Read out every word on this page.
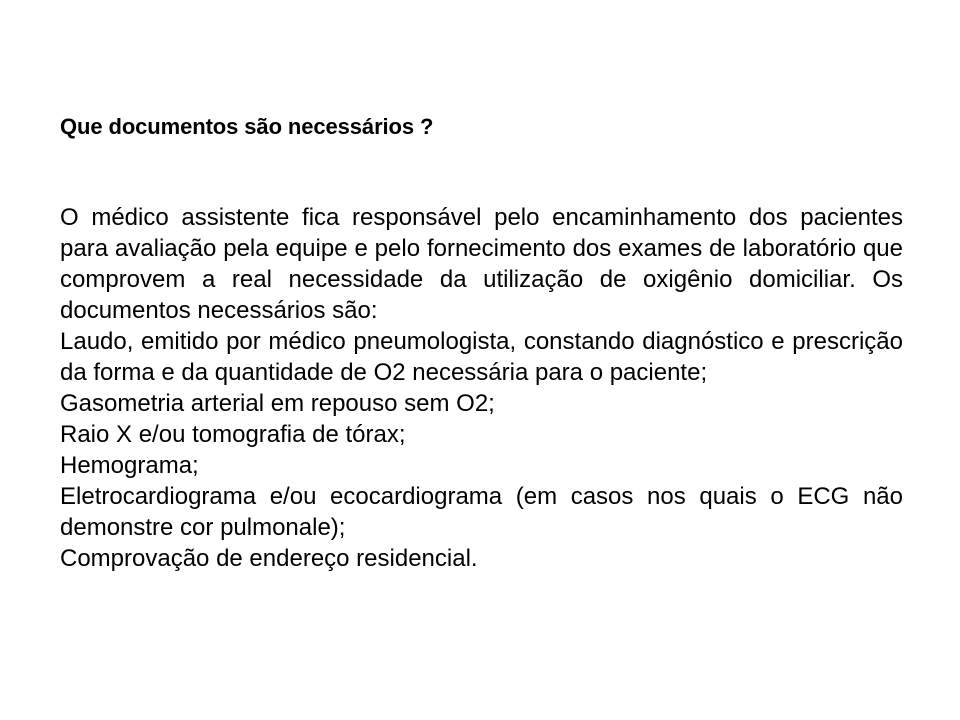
Que documentos são necessários ?

O médico assistente fica responsável pelo encaminhamento dos pacientes para avaliação pela equipe e pelo fornecimento dos exames de laboratório que comprovem a real necessidade da utilização de oxigênio domiciliar. Os documentos necessários são:

Laudo, emitido por médico pneumologista, constando diagnóstico e prescrição da forma e da quantidade de O2 necessária para o paciente;

Gasometria arterial em repouso sem O2;

Raio X e/ou tomografia de tórax;

Hemograma;

Eletrocardiograma e/ou ecocardiograma (em casos nos quais o ECG não demonstre cor pulmonale);

Comprovação de endereço residencial.
